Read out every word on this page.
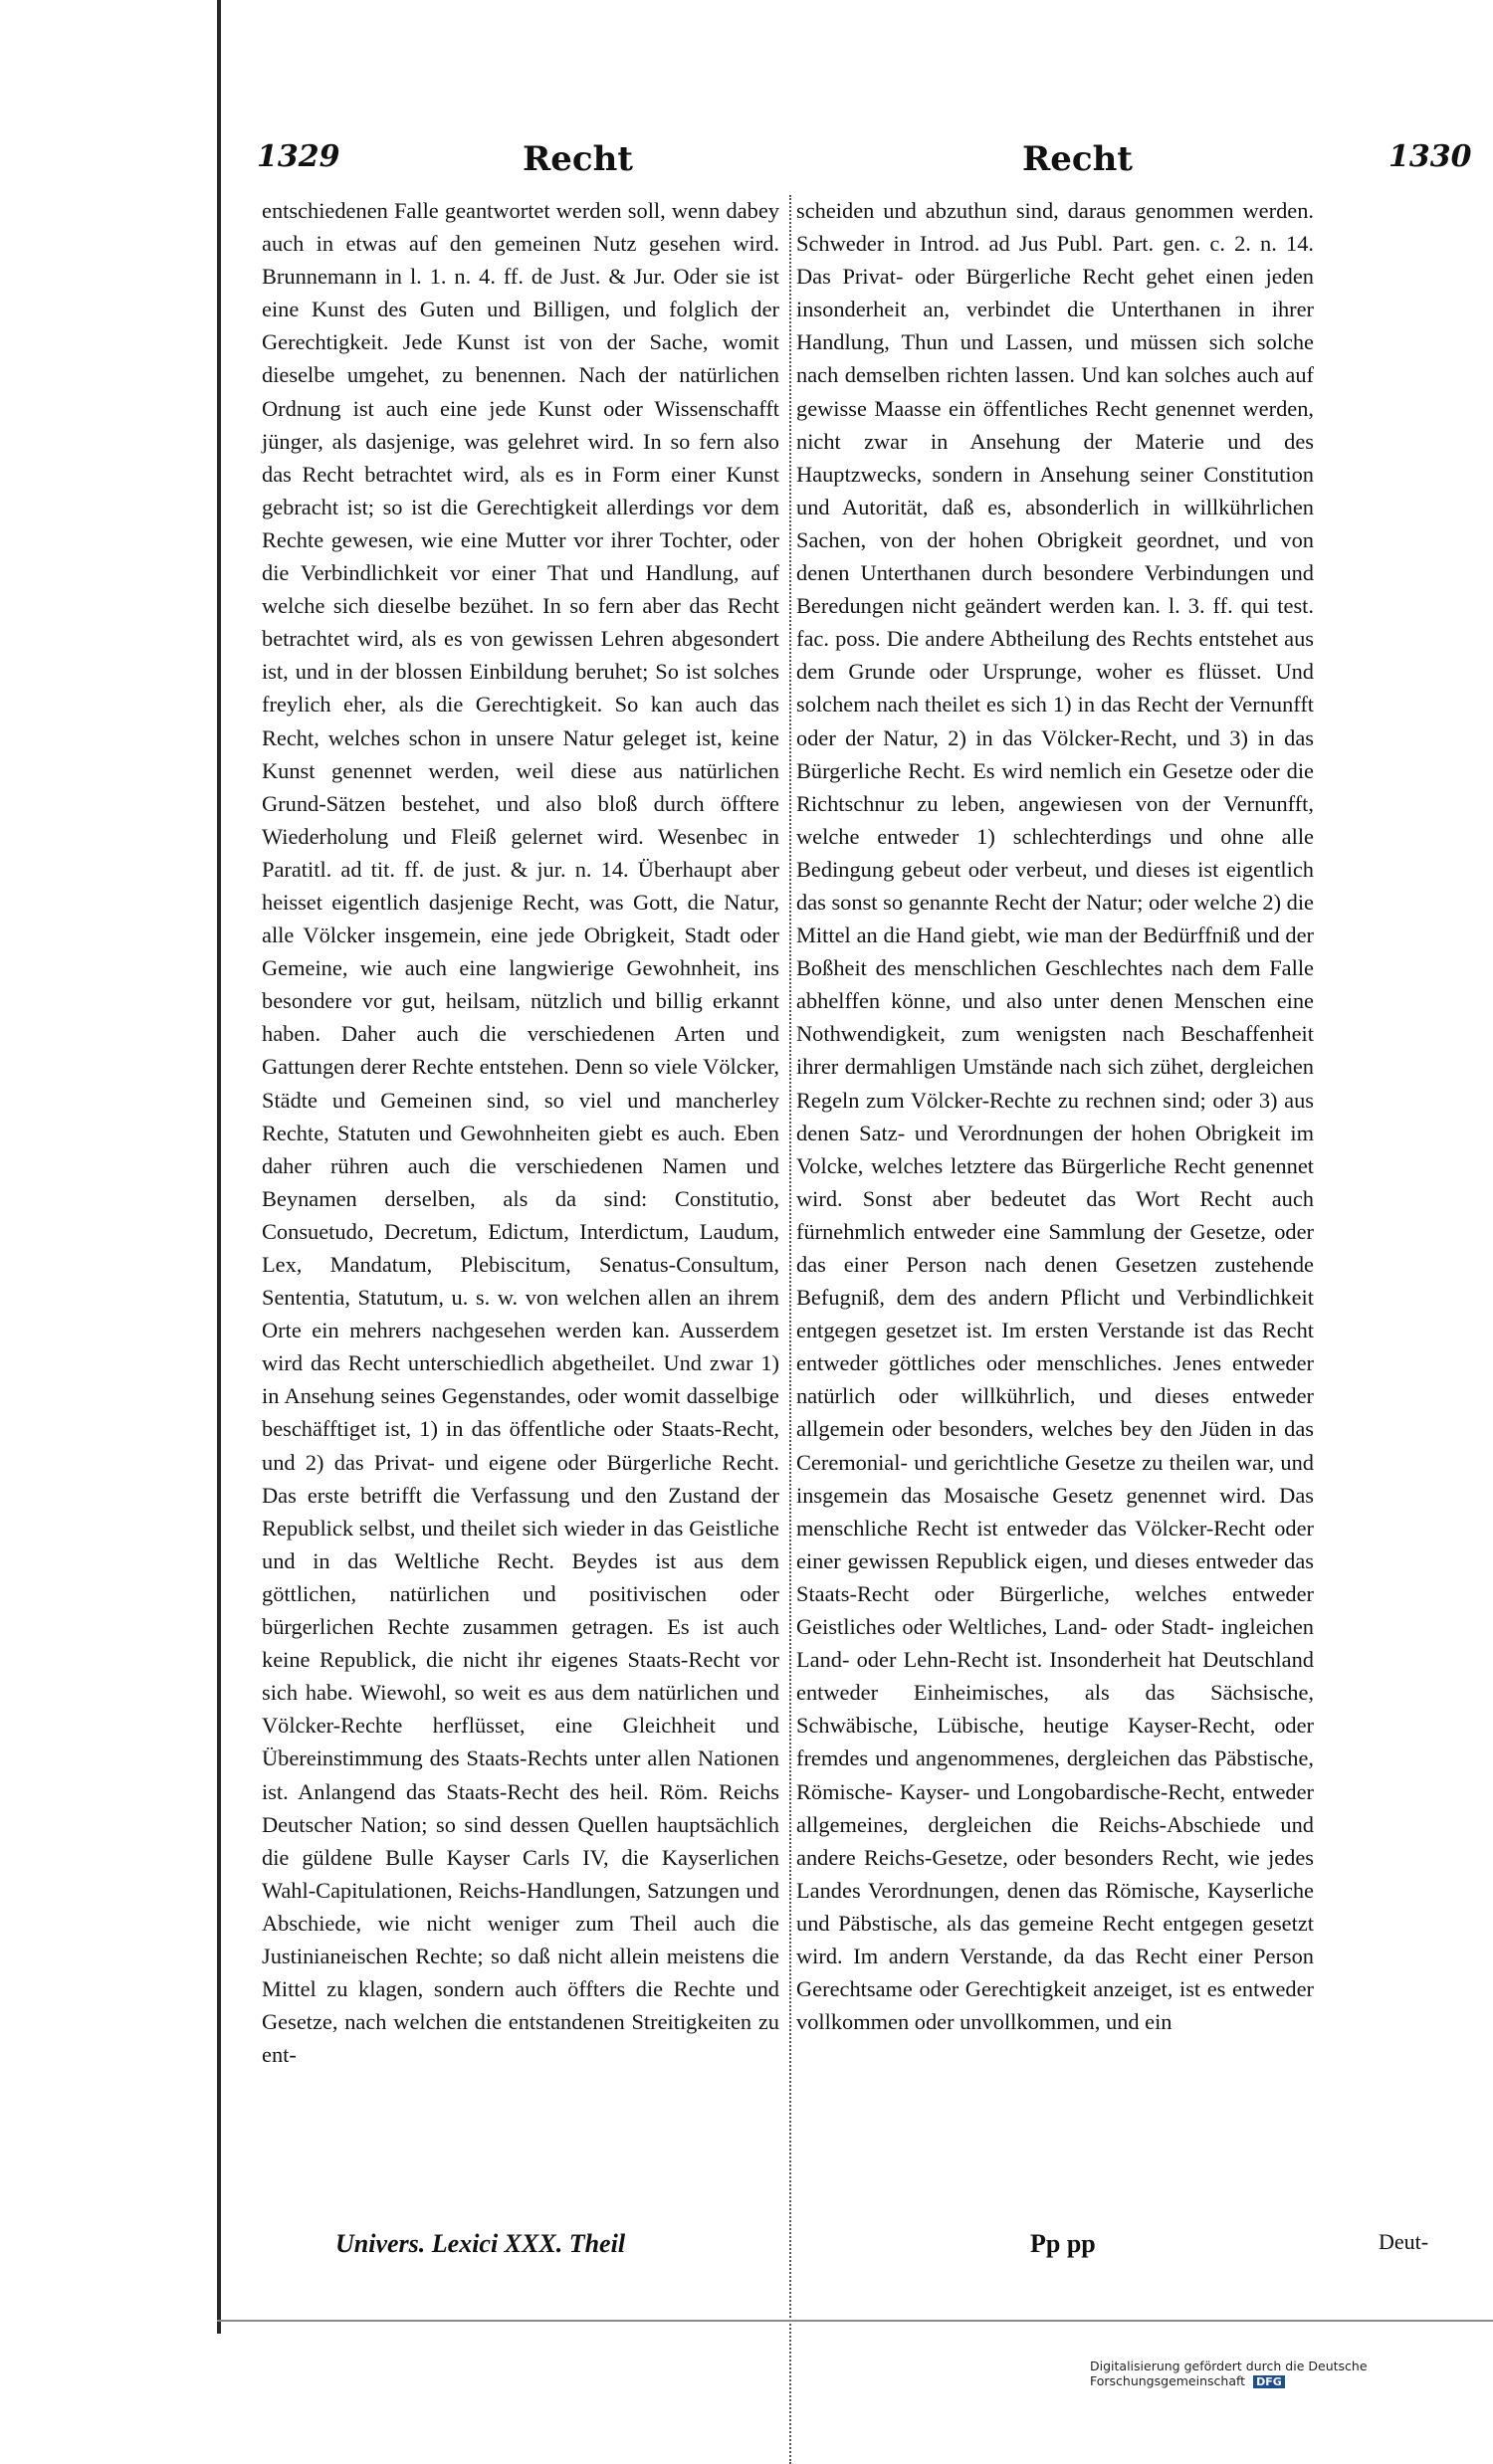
1329	Recht	Recht	1330

entschiedenen Falle geantwortet werden soll, wenn dabey auch in etwas auf den gemeinen Nutz gesehen wird. Brunnemann in l. 1. n. 4. ff. de Just. & Jur. Oder sie ist eine Kunst des Guten und Billigen, und folglich der Gerechtigkeit. Jede Kunst ist von der Sache, womit dieselbe umgehet, zu benennen. Nach der natürlichen Ordnung ist auch eine jede Kunst oder Wissenschafft jünger, als dasjenige, was gelehret wird. In so fern also das Recht betrachtet wird, als es in Form einer Kunst gebracht ist; so ist die Gerechtigkeit allerdings vor dem Rechte gewesen, wie eine Mutter vor ihrer Tochter, oder die Verbindlichkeit vor einer That und Handlung, auf welche sich dieselbe bezühet. In so fern aber das Recht betrachtet wird, als es von gewissen Lehren abgesondert ist, und in der blossen Einbildung beruhet; So ist solches freylich eher, als die Gerechtigkeit. So kan auch das Recht, welches schon in unsere Natur geleget ist, keine Kunst genennet werden, weil diese aus natürlichen Grund-Sätzen bestehet, und also bloß durch öfftere Wiederholung und Fleiß gelernet wird. Wesenbec in Paratitl. ad tit. ff. de just. & jur. n. 14. Überhaupt aber heisset eigentlich dasjenige Recht, was Gott, die Natur, alle Völcker insgemein, eine jede Obrigkeit, Stadt oder Gemeine, wie auch eine langwierige Gewohnheit, ins besondere vor gut, heilsam, nützlich und billig erkannt haben. Daher auch die verschiedenen Arten und Gattungen derer Rechte entstehen. Denn so viele Völcker, Städte und Gemeinen sind, so viel und mancherley Rechte, Statuten und Gewohnheiten giebt es auch. Eben daher rühren auch die verschiedenen Namen und Beynamen derselben, als da sind: Constitutio, Consuetudo, Decretum, Edictum, Interdictum, Laudum, Lex, Mandatum, Plebiscitum, Senatus-Consultum, Sententia, Statutum, u. s. w. von welchen allen an ihrem Orte ein mehrers nachgesehen werden kan. Ausserdem wird das Recht unterschiedlich abgetheilet. Und zwar 1) in Ansehung seines Gegenstandes, oder womit dasselbige beschäfftiget ist, 1) in das öffentliche oder Staats-Recht, und 2) das Privat- und eigene oder Bürgerliche Recht. Das erste betrifft die Verfassung und den Zustand der Republick selbst, und theilet sich wieder in das Geistliche und in das Weltliche Recht. Beydes ist aus dem göttlichen, natürlichen und positivischen oder bürgerlichen Rechte zusammen getragen. Es ist auch keine Republick, die nicht ihr eigenes Staats-Recht vor sich habe. Wiewohl, so weit es aus dem natürlichen und Völcker-Rechte herflüsset, eine Gleichheit und Übereinstimmung des Staats-Rechts unter allen Nationen ist. Anlangend das Staats-Recht des heil. Röm. Reichs Deutscher Nation; so sind dessen Quellen hauptsächlich die güldene Bulle Kayser Carls IV, die Kayserlichen Wahl-Capitulationen, Reichs-Handlungen, Satzungen und Abschiede, wie nicht weniger zum Theil auch die Justinianeischen Rechte; so daß nicht allein meistens die Mittel zu klagen, sondern auch öffters die Rechte und Gesetze, nach welchen die entstandenen Streitigkeiten zu ent-

scheiden und abzuthun sind, daraus genommen werden. Schweder in Introd. ad Jus Publ. Part. gen. c. 2. n. 14. Das Privat- oder Bürgerliche Recht gehet einen jeden insonderheit an, verbindet die Unterthanen in ihrer Handlung, Thun und Lassen, und müssen sich solche nach demselben richten lassen. Und kan solches auch auf gewisse Maasse ein öffentliches Recht genennet werden, nicht zwar in Ansehung der Materie und des Hauptzwecks, sondern in Ansehung seiner Constitution und Autorität, daß es, absonderlich in willkührlichen Sachen, von der hohen Obrigkeit geordnet, und von denen Unterthanen durch besondere Verbindungen und Beredungen nicht geändert werden kan. l. 3. ff. qui test. fac. poss. Die andere Abtheilung des Rechts entstehet aus dem Grunde oder Ursprunge, woher es flüsset. Und solchem nach theilet es sich 1) in das Recht der Vernunfft oder der Natur, 2) in das Völcker-Recht, und 3) in das Bürgerliche Recht. Es wird nemlich ein Gesetze oder die Richtschnur zu leben, angewiesen von der Vernunfft, welche entweder 1) schlechterdings und ohne alle Bedingung gebeut oder verbeut, und dieses ist eigentlich das sonst so genannte Recht der Natur; oder welche 2) die Mittel an die Hand giebt, wie man der Bedürffniß und der Boßheit des menschlichen Geschlechtes nach dem Falle abhelffen könne, und also unter denen Menschen eine Nothwendigkeit, zum wenigsten nach Beschaffenheit ihrer dermahligen Umstände nach sich zühet, dergleichen Regeln zum Völcker-Rechte zu rechnen sind; oder 3) aus denen Satz- und Verordnungen der hohen Obrigkeit im Volcke, welches letztere das Bürgerliche Recht genennet wird. Sonst aber bedeutet das Wort Recht auch fürnehmlich entweder eine Sammlung der Gesetze, oder das einer Person nach denen Gesetzen zustehende Befugniß, dem des andern Pflicht und Verbindlichkeit entgegen gesetzet ist. Im ersten Verstande ist das Recht entweder göttliches oder menschliches. Jenes entweder natürlich oder willkührlich, und dieses entweder allgemein oder besonders, welches bey den Jüden in das Ceremonial- und gerichtliche Gesetze zu theilen war, und insgemein das Mosaische Gesetz genennet wird. Das menschliche Recht ist entweder das Völcker-Recht oder einer gewissen Republick eigen, und dieses entweder das Staats-Recht oder Bürgerliche, welches entweder Geistliches oder Weltliches, Land- oder Stadt- ingleichen Land- oder Lehn-Recht ist. Insonderheit hat Deutschland entweder Einheimisches, als das Sächsische, Schwäbische, Lübische, heutige Kayser-Recht, oder fremdes und angenommenes, dergleichen das Päbstische, Römische- Kayser- und Longobardische-Recht, entweder allgemeines, dergleichen die Reichs-Abschiede und andere Reichs-Gesetze, oder besonders Recht, wie jedes Landes Verordnungen, denen das Römische, Kayserliche und Päbstische, als das gemeine Recht entgegen gesetzt wird. Im andern Verstande, da das Recht einer Person Gerechtsame oder Gerechtigkeit anzeiget, ist es entweder vollkommen oder unvollkommen, und ein

Univers. Lexici XXX. Theil	Pp pp	Deut-
Digitalisierung gefördert durch die Deutsche Forschungsgemeinschaft DFG
